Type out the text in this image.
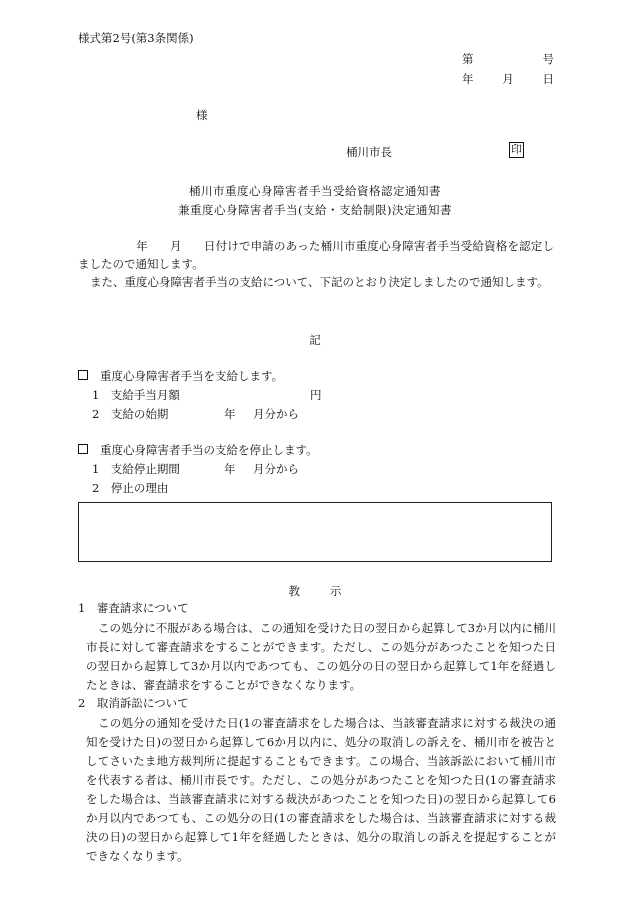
様式第2号(第3条関係)
第	号
年	月	日
様
桶川市長	印
桶川市重度心身障害者手当受給資格認定通知書
兼重度心身障害者手当(支給・支給制限)決定通知書
年 月 日付けで申請のあった桶川市重度心身障害者手当受給資格を認定しましたので通知します。
また、重度心身障害者手当の支給について、下記のとおり決定しましたので通知します。
記
重度心身障害者手当を支給します。
1　支給手当月額	円
2　支給の始期	年 月分から
重度心身障害者手当の支給を停止します。
1　支給停止期間	年 月分から
2　停止の理由
教	示
1　審査請求について
この処分に不服がある場合は、この通知を受けた日の翌日から起算して3か月以内に桶川市長に対して審査請求をすることができます。ただし、この処分があつたことを知つた日の翌日から起算して3か月以内であつても、この処分の日の翌日から起算して1年を経過したときは、審査請求をすることができなくなります。
2　取消訴訟について
この処分の通知を受けた日(1の審査請求をした場合は、当該審査請求に対する裁決の通知を受けた日)の翌日から起算して6か月以内に、処分の取消しの訴えを、桶川市を被告としてさいたま地方裁判所に提起することもできます。この場合、当該訴訟において桶川市を代表する者は、桶川市長です。ただし、この処分があつたことを知つた日(1の審査請求をした場合は、当該審査請求に対する裁決があつたことを知つた日)の翌日から起算して6か月以内であつても、この処分の日(1の審査請求をした場合は、当該審査請求に対する裁決の日)の翌日から起算して1年を経過したときは、処分の取消しの訴えを提起することができなくなります。
